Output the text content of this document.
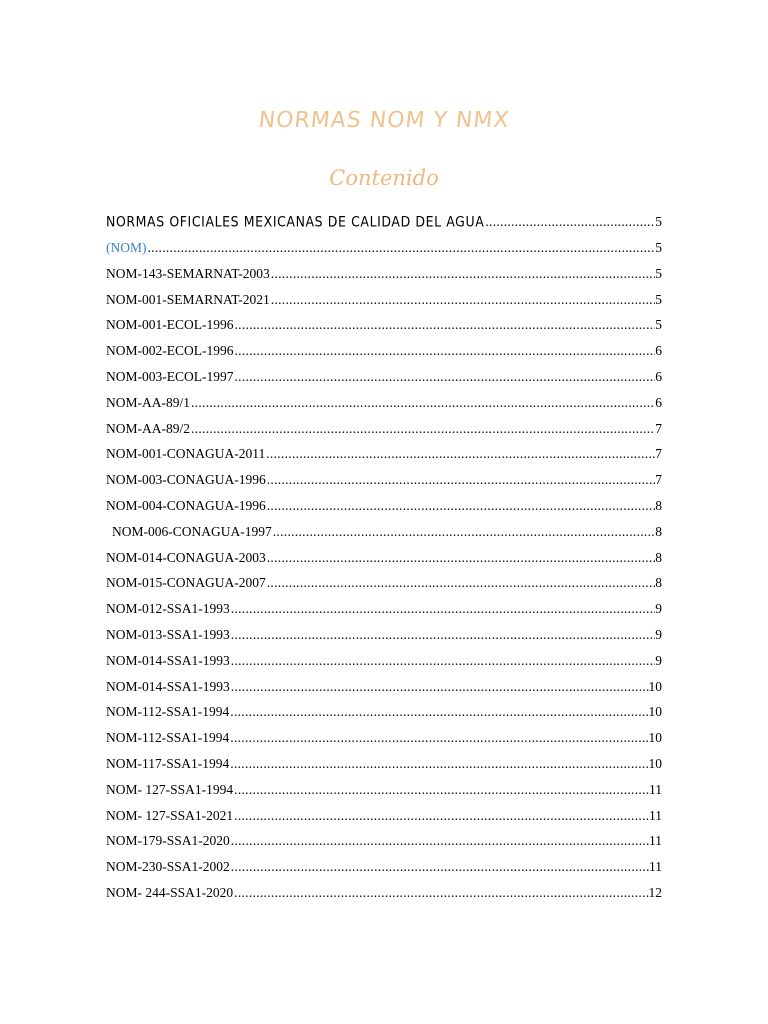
NORMAS NOM Y NMX
Contenido
NORMAS OFICIALES MEXICANAS DE CALIDAD DEL AGUA .....	5
(NOM) .....	5
NOM-143-SEMARNAT-2003 .....	5
NOM-001-SEMARNAT-2021 .....	5
NOM-001-ECOL-1996 .....	5
NOM-002-ECOL-1996 .....	6
NOM-003-ECOL-1997 .....	6
NOM-AA-89/1 .....	6
NOM-AA-89/2 .....	7
NOM-001-CONAGUA-2011 .....	7
NOM-003-CONAGUA-1996 .....	7
NOM-004-CONAGUA-1996 .....	8
NOM-006-CONAGUA-1997 .....	8
NOM-014-CONAGUA-2003 .....	8
NOM-015-CONAGUA-2007 .....	8
NOM-012-SSA1-1993 .....	9
NOM-013-SSA1-1993 .....	9
NOM-014-SSA1-1993 .....	9
NOM-014-SSA1-1993 .....	10
NOM-112-SSA1-1994 .....	10
NOM-112-SSA1-1994 .....	10
NOM-117-SSA1-1994 .....	10
NOM- 127-SSA1-1994 .....	11
NOM- 127-SSA1-2021 .....	11
NOM-179-SSA1-2020 .....	11
NOM-230-SSA1-2002 .....	11
NOM- 244-SSA1-2020 .....	12
